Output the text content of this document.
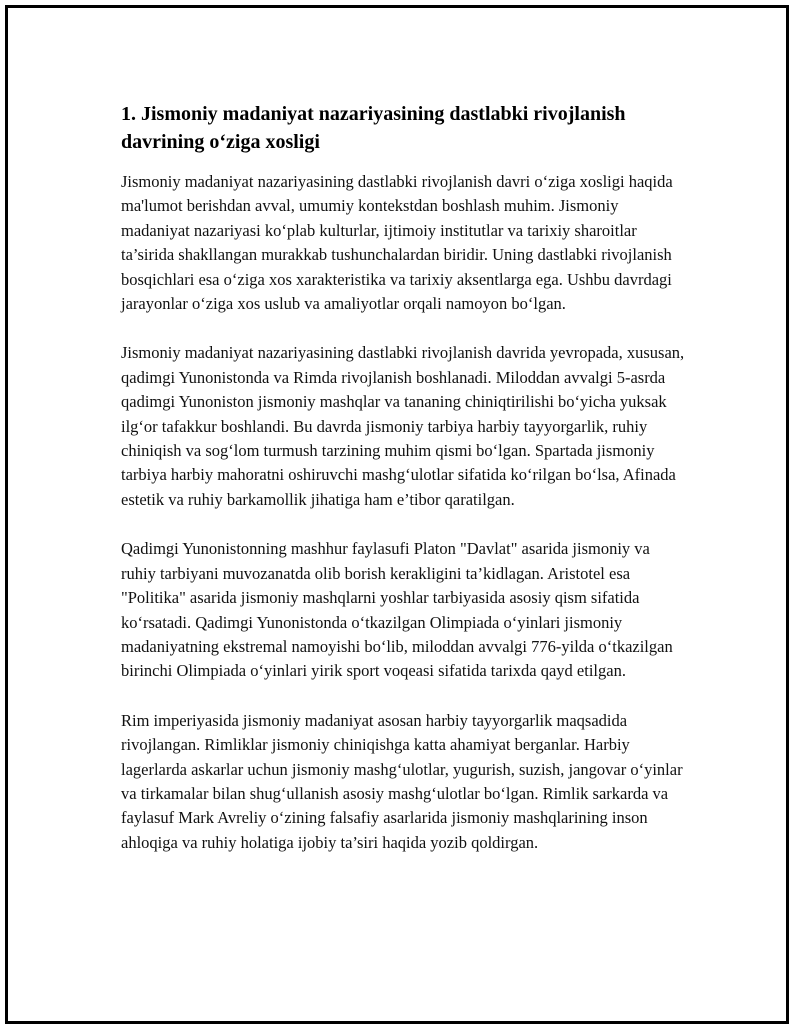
1. Jismoniy madaniyat nazariyasining dastlabki rivojlanish davrining o‘ziga xosligi

Jismoniy madaniyat nazariyasining dastlabki rivojlanish davri o‘ziga xosligi haqida ma'lumot berishdan avval, umumiy kontekstdan boshlash muhim. Jismoniy madaniyat nazariyasi ko‘plab kulturlar, ijtimoiy institutlar va tarixiy sharoitlar ta’sirida shakllangan murakkab tushunchalardan biridir. Uning dastlabki rivojlanish bosqichlari esa o‘ziga xos xarakteristika va tarixiy aksentlarga ega. Ushbu davrdagi jarayonlar o‘ziga xos uslub va amaliyotlar orqali namoyon bo‘lgan.

Jismoniy madaniyat nazariyasining dastlabki rivojlanish davrida yevropada, xususan, qadimgi Yunonistonda va Rimda rivojlanish boshlanadi. Miloddan avvalgi 5-asrda qadimgi Yunoniston jismoniy mashqlar va tananing chiniqtirilishi bo‘yicha yuksak ilg‘or tafakkur boshlandi. Bu davrda jismoniy tarbiya harbiy tayyorgarlik, ruhiy chiniqish va sog‘lom turmush tarzining muhim qismi bo‘lgan. Spartada jismoniy tarbiya harbiy mahoratni oshiruvchi mashg‘ulotlar sifatida ko‘rilgan bo‘lsa, Afinada estetik va ruhiy barkamollik jihatiga ham e’tibor qaratilgan.

Qadimgi Yunonistonning mashhur faylasufi Platon "Davlat" asarida jismoniy va ruhiy tarbiyani muvozanatda olib borish kerakligini ta’kidlagan. Aristotel esa "Politika" asarida jismoniy mashqlarni yoshlar tarbiyasida asosiy qism sifatida ko‘rsatadi. Qadimgi Yunonistonda o‘tkazilgan Olimpiada o‘yinlari jismoniy madaniyatning ekstremal namoyishi bo‘lib, miloddan avvalgi 776-yilda o‘tkazilgan birinchi Olimpiada o‘yinlari yirik sport voqeasi sifatida tarixda qayd etilgan.

Rim imperiyasida jismoniy madaniyat asosan harbiy tayyorgarlik maqsadida rivojlangan. Rimliklar jismoniy chiniqishga katta ahamiyat berganlar. Harbiy lagerlarda askarlar uchun jismoniy mashg‘ulotlar, yugurish, suzish, jangovar o‘yinlar va tirkamalar bilan shug‘ullanish asosiy mashg‘ulotlar bo‘lgan. Rimlik sarkarda va faylasuf Mark Avreliy o‘zining falsafiy asarlarida jismoniy mashqlarining inson ahloqiga va ruhiy holatiga ijobiy ta’siri haqida yozib qoldirgan.
